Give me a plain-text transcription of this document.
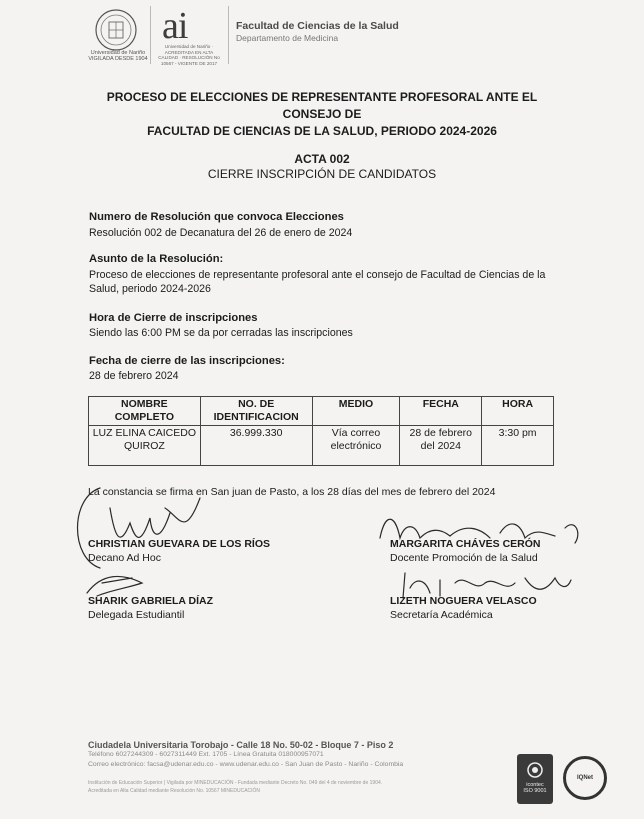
Universidad de Nariño
VIGILADA DESDE 1904
ai
Universidad de Nariño · ACREDITADA EN ALTA CALIDAD · RESOLUCIÓN No 10567 - VIGENTE DE 2017
Facultad de Ciencias de la Salud
Departamento de Medicina
PROCESO DE ELECCIONES DE REPRESENTANTE PROFESORAL ANTE EL CONSEJO DE
FACULTAD DE CIENCIAS DE LA SALUD, PERIODO 2024-2026
ACTA 002
CIERRE INSCRIPCIÓN DE CANDIDATOS
Numero de Resolución que convoca Elecciones
Resolución 002 de Decanatura del 26 de enero de 2024
Asunto de la Resolución:
Proceso de elecciones de representante profesoral ante el consejo de Facultad de Ciencias de la Salud, periodo 2024-2026
Hora de Cierre de inscripciones
Siendo las 6:00 PM se da por cerradas las inscripciones
Fecha de cierre de las inscripciones:
28 de febrero 2024
NOMBRE COMPLETO	NO. DE IDENTIFICACION	MEDIO	FECHA	HORA
LUZ ELINA CAICEDO QUIROZ	36.999.330	Vía correo electrónico	28 de febrero del 2024	3:30 pm
La constancia se firma en San juan de Pasto, a los 28 días del mes de febrero del 2024
CHRISTIAN GUEVARA DE LOS RÍOS
Decano Ad Hoc
MARGARITA CHÁVES CERÓN
Docente Promoción de la Salud
SHARIK GABRIELA DÍAZ
Delegada Estudiantil
LIZETH NOGUERA VELASCO
Secretaría Académica
Ciudadela Universitaria Torobajo - Calle 18 No. 50-02 - Bloque 7 - Piso 2
Teléfono 6027244309 - 6027311449 Ext. 1705 - Línea Gratuita 018000957071
Correo electrónico: facsa@udenar.edu.co - www.udenar.edu.co - San Juan de Pasto - Nariño - Colombia
Institución de Educación Superior | Vigilada por MINEDUCACIÓN - Fundada mediante Decreto No. 049 del 4 de noviembre de 1904.
Acreditada en Alta Calidad mediante Resolución No. 10567 MINEDUCACIÓN
icontec
ISO 9001
IQNet
